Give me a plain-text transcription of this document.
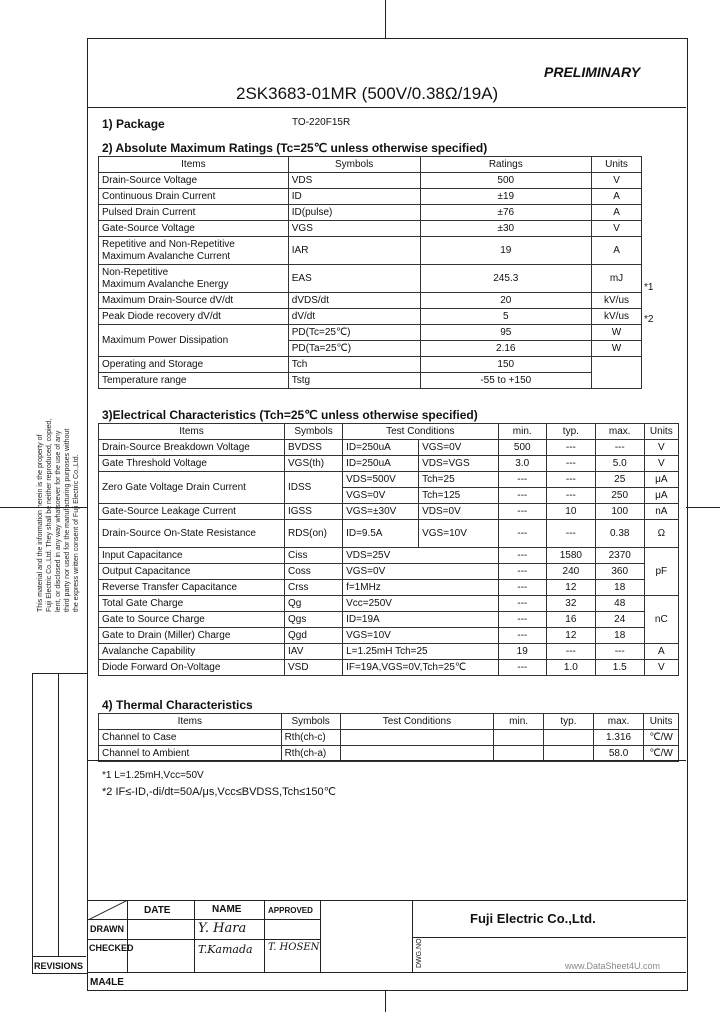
PRELIMINARY
2SK3683-01MR (500V/0.38Ω/19A)
1) Package	TO-220F15R
2) Absolute Maximum Ratings (Tc=25℃ unless otherwise specified)
Items	Symbols	Ratings	Units
Drain-Source Voltage	VDS	500	V
Continuous Drain Current	ID	±19	A
Pulsed Drain Current	ID(pulse)	±76	A
Gate-Source Voltage	VGS	±30	V
Repetitive and Non-Repetitive
Maximum Avalanche Current	IAR	19	A
Non-Repetitive
Maximum Avalanche Energy	EAS	245.3	mJ
Maximum Drain-Source dV/dt	dVDS/dt	20	kV/us
Peak Diode recovery dV/dt	dV/dt	5	kV/us
Maximum Power Dissipation	PD(Tc=25℃)	95	W
	PD(Ta=25℃)	2.16	W
Operating and Storage	Tch	150	
Temperature range	Tstg	-55 to +150	
*1
*2
3)Electrical Characteristics (Tch=25℃ unless otherwise specified)
Items	Symbols	Test Conditions		min.	typ.	max.	Units
Drain-Source Breakdown Voltage	BVDSS	ID=250uA	VGS=0V	500	---	---	V
Gate Threshold Voltage	VGS(th)	ID=250uA	VDS=VGS	3.0	---	5.0	V
Zero Gate Voltage Drain Current	IDSS	VDS=500V	Tch=25	---	---	25	μA
		VGS=0V	Tch=125	---	---	250	μA
Gate-Source Leakage Current	IGSS	VGS=±30V	VDS=0V	---	10	100	nA
Drain-Source On-State Resistance	RDS(on)	ID=9.5A	VGS=10V	---	---	0.38	Ω
Input Capacitance	Ciss	VDS=25V		---	1580	2370	pF
Output Capacitance	Coss	VGS=0V		---	240	360	
Reverse Transfer Capacitance	Crss	f=1MHz		---	12	18	
Total Gate Charge	Qg	Vcc=250V		---	32	48	nC
Gate to Source Charge	Qgs	ID=19A		---	16	24	
Gate to Drain (Miller) Charge	Qgd	VGS=10V		---	12	18	
Avalanche Capability	IAV	L=1.25mH Tch=25		19	---	---	A
Diode Forward On-Voltage	VSD	IF=19A,VGS=0V,Tch=25℃		---	1.0	1.5	V
4) Thermal Characteristics
Items	Symbols	Test Conditions	min.	typ.	max.	Units
Channel to Case	Rth(ch-c)				1.316	℃/W
Channel to Ambient	Rth(ch-a)				58.0	℃/W
*1 L=1.25mH,Vcc=50V
*2 IF≤-ID,-di/dt=50A/μs,Vcc≤BVDSS,Tch≤150℃
This material and the information herein is the property of Fuji Electric Co.,Ltd. They shall be neither reproduced, copied, lent, or disclosed in any way whatsoever for the use of any third party nor used for the manufacturing purposes without the express written consent of Fuji Electric Co.,Ltd.
REVISIONS
DATE	NAME	APPROVED
DRAWN
CHECKED
Y. Hara
T.Kamada T. HOSEN
Fuji Electric Co.,Ltd.
DWG.NO.	www.DataSheet4U.com
MA4LE
